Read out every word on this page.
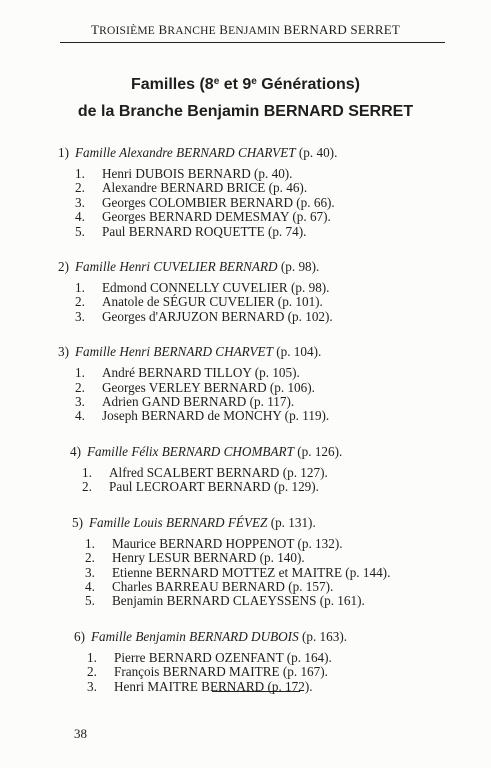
TROISIÈME BRANCHE BENJAMIN BERNARD SERRET
Familles (8e et 9e Générations)
de la Branche Benjamin BERNARD SERRET
1) Famille Alexandre BERNARD CHARVET (p. 40).
1. Henri DUBOIS BERNARD (p. 40).
2. Alexandre BERNARD BRICE (p. 46).
3. Georges COLOMBIER BERNARD (p. 66).
4. Georges BERNARD DEMESMAY (p. 67).
5. Paul BERNARD ROQUETTE (p. 74).
2) Famille Henri CUVELIER BERNARD (p. 98).
1. Edmond CONNELLY CUVELIER (p. 98).
2. Anatole de SÉGUR CUVELIER (p. 101).
3. Georges d'ARJUZON BERNARD (p. 102).
3) Famille Henri BERNARD CHARVET (p. 104).
1. André BERNARD TILLOY (p. 105).
2. Georges VERLEY BERNARD (p. 106).
3. Adrien GAND BERNARD (p. 117).
4. Joseph BERNARD de MONCHY (p. 119).
4) Famille Félix BERNARD CHOMBART (p. 126).
1. Alfred SCALBERT BERNARD (p. 127).
2. Paul LECROART BERNARD (p. 129).
5) Famille Louis BERNARD FÉVEZ (p. 131).
1. Maurice BERNARD HOPPENOT (p. 132).
2. Henry LESUR BERNARD (p. 140).
3. Etienne BERNARD MOTTEZ et MAITRE (p. 144).
4. Charles BARREAU BERNARD (p. 157).
5. Benjamin BERNARD CLAEYSSENS (p. 161).
6) Famille Benjamin BERNARD DUBOIS (p. 163).
1. Pierre BERNARD OZENFANT (p. 164).
2. François BERNARD MAITRE (p. 167).
3. Henri MAITRE BERNARD (p. 172).
38
